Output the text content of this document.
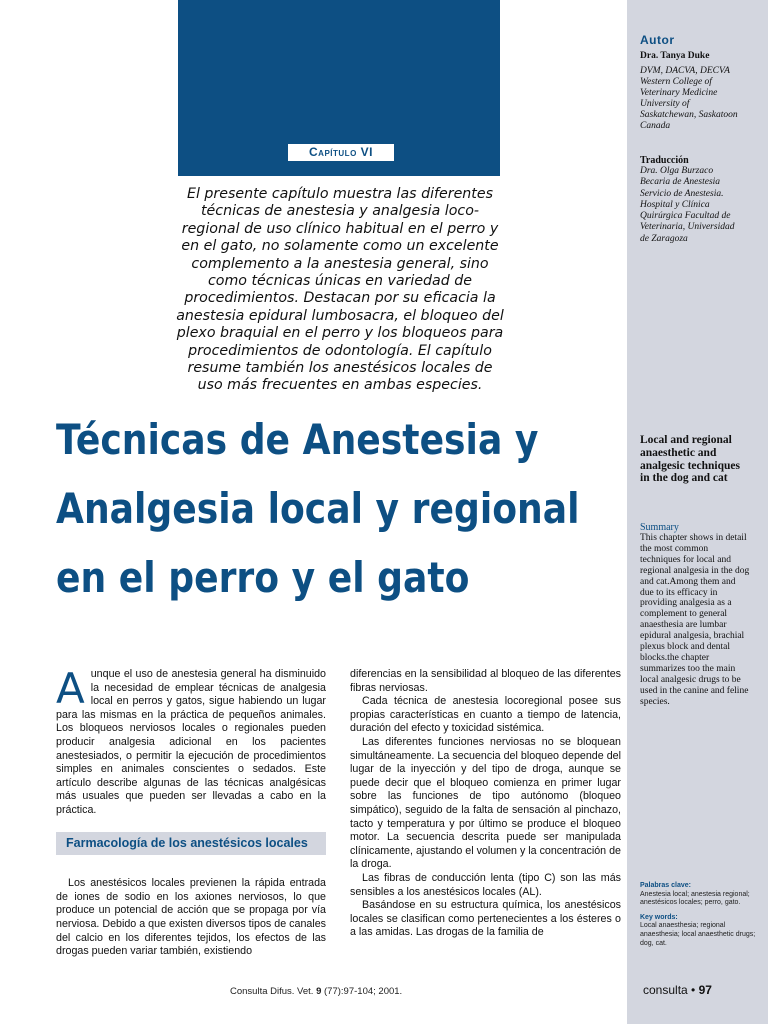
Capítulo VI
El presente capítulo muestra las diferentes técnicas de anestesia y analgesia loco-regional de uso clínico habitual en el perro y en el gato, no solamente como un excelente complemento a la anestesia general, sino como técnicas únicas en variedad de procedimientos. Destacan por su eficacia la anestesia epidural lumbosacra, el bloqueo del plexo braquial en el perro y los bloqueos para procedimientos de odontología. El capítulo resume también los anestésicos locales de uso más frecuentes en ambas especies.
Técnicas de Anestesia y
Analgesia local y regional
en el perro y el gato
Autor
Dra. Tanya Duke
DVM, DACVA, DECVA Western College of Veterinary Medicine University of Saskatchewan, Saskatoon Canada
Traducción
Dra. Olga Burzaco Becaria de Anestesia Servicio de Anestesia. Hospital y Clínica Quirúrgica Facultad de Veterinaria, Universidad de Zaragoza
Local and regional anaesthetic and analgesic techniques in the dog and cat
Summary
This chapter shows in detail the most common techniques for local and regional analgesia in the dog and cat.Among them and due to its efficacy in providing analgesia as a complement to general anaesthesia are lumbar epidural analgesia, brachial plexus block and dental blocks.the chapter summarizes too the main local analgesic drugs to be used in the canine and feline species.
Palabras clave:
Anestesia local; anestesia regional; anestésicos locales; perro, gato.
Key words:
Local anaesthesia; regional anaesthesia; local anaesthetic drugs; dog, cat.

Aunque el uso de anestesia general ha disminuido la necesidad de emplear técnicas de analgesia local en perros y gatos, sigue habiendo un lugar para las mismas en la práctica de pequeños animales. Los bloqueos nerviosos locales o regionales pueden producir analgesia adicional en los pacientes anestesiados, o permitir la ejecución de procedimientos simples en animales conscientes o sedados. Este artículo describe algunas de las técnicas analgésicas más usuales que pueden ser llevadas a cabo en la práctica.

Farmacología de los anestésicos locales

Los anestésicos locales previenen la rápida entrada de iones de sodio en los axiones nerviosos, lo que produce un potencial de acción que se propaga por vía nerviosa. Debido a que existen diversos tipos de canales del calcio en los diferentes tejidos, los efectos de las drogas pueden variar también, existiendo

diferencias en la sensibilidad al bloqueo de las diferentes fibras nerviosas.

Cada técnica de anestesia locoregional posee sus propias características en cuanto a tiempo de latencia, duración del efecto y toxicidad sistémica.

Las diferentes funciones nerviosas no se bloquean simultáneamente. La secuencia del bloqueo depende del lugar de la inyección y del tipo de droga, aunque se puede decir que el bloqueo comienza en primer lugar sobre las funciones de tipo autónomo (bloqueo simpático), seguido de la falta de sensación al pinchazo, tacto y temperatura y por último se produce el bloqueo motor. La secuencia descrita puede ser manipulada clínicamente, ajustando el volumen y la concentración de la droga.

Las fibras de conducción lenta (tipo C) son las más sensibles a los anestésicos locales (AL).

Basándose en su estructura química, los anestésicos locales se clasifican como pertenecientes a los ésteres o a las amidas. Las drogas de la familia de

Consulta Difus. Vet. 9 (77):97-104; 2001.	consulta • 97
